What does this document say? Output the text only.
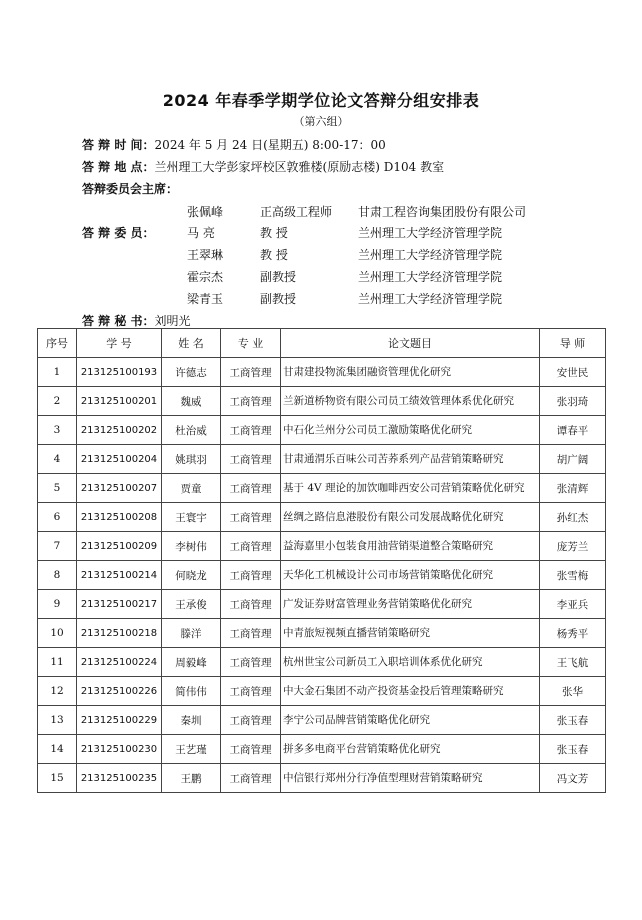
2024 年春季学期学位论文答辩分组安排表
（第六组）
答 辩 时 间：2024 年 5 月 24 日(星期五) 8:00-17：00
答 辩 地 点：兰州理工大学彭家坪校区敦雅楼(原励志楼) D104 教室
答辩委员会主席：
张佩峰	正高级工程师 甘肃工程咨询集团股份有限公司
答 辩 委 员：	马 亮	教 授	兰州理工大学经济管理学院
王翠琳	教 授	兰州理工大学经济管理学院
霍宗杰	副教授	兰州理工大学经济管理学院
梁青玉	副教授	兰州理工大学经济管理学院
答 辩 秘 书：刘明光
序号	学 号	姓 名	专 业	论文题目	导 师
1	213125100193	许德志	工商管理	甘肃建投物流集团融资管理优化研究	安世民
2	213125100201	魏威	工商管理	兰新道桥物资有限公司员工绩效管理体系优化研究	张羽琦
3	213125100202	杜治威	工商管理	中石化兰州分公司员工激励策略优化研究	谭春平
4	213125100204	姚琪羽	工商管理	甘肃通渭乐百味公司苦荞系列产品营销策略研究	胡广阔
5	213125100207	贾童	工商管理	基于 4V 理论的加饮咖啡西安公司营销策略优化研究	张清辉
6	213125100208	王寰宇	工商管理	丝绸之路信息港股份有限公司发展战略优化研究	孙红杰
7	213125100209	李树伟	工商管理	益海嘉里小包装食用油营销渠道整合策略研究	庞芳兰
8	213125100214	何晓龙	工商管理	天华化工机械设计公司市场营销策略优化研究	张雪梅
9	213125100217	王承俊	工商管理	广发证券财富管理业务营销策略优化研究	李亚兵
10	213125100218	滕洋	工商管理	中青旅短视频直播营销策略研究	杨秀平
11	213125100224	周毅峰	工商管理	杭州世宝公司新员工入职培训体系优化研究	王飞航
12	213125100226	简伟伟	工商管理	中大金石集团不动产投资基金投后管理策略研究	张华
13	213125100229	秦圳	工商管理	李宁公司品牌营销策略优化研究	张玉春
14	213125100230	王艺瑾	工商管理	拼多多电商平台营销策略优化研究	张玉春
15	213125100235	王鹏	工商管理	中信银行郑州分行净值型理财营销策略研究	冯文芳
